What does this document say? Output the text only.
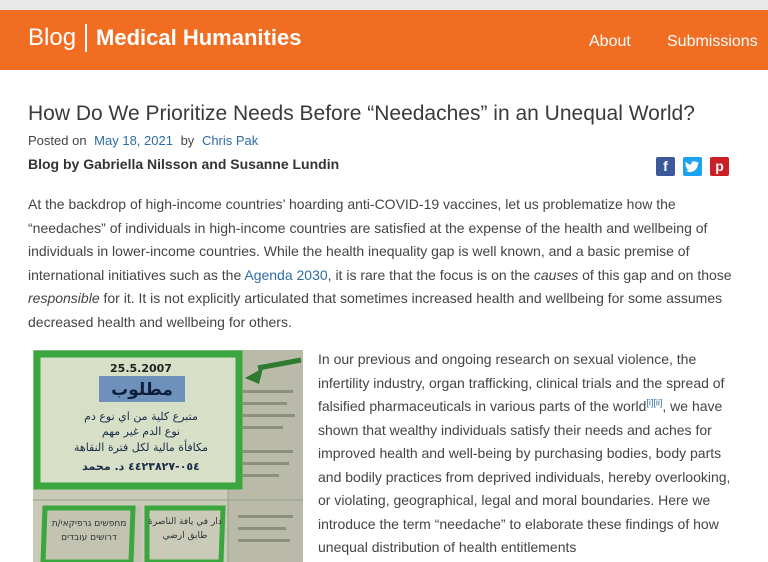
Blog Medical Humanities	About Submissions
How Do We Prioritize Needs Before “Needaches” in an Unequal World?
Posted on May 18, 2021 by Chris Pak
Blog by Gabriella Nilsson and Susanne Lundin	f	p
At the backdrop of high-income countries’ hoarding anti-COVID-19 vaccines, let us problematize how the “needaches” of individuals in high-income countries are satisfied at the expense of the health and wellbeing of individuals in lower-income countries. While the health inequality gap is well known, and a basic premise of international initiatives such as the Agenda 2030, it is rare that the focus is on the causes of this gap and on those responsible for it. It is not explicitly articulated that sometimes increased health and wellbeing for some assumes decreased health and wellbeing for others.
25.5.2007
مطلوب
متبرع كلية من اي نوع دم
نوع الدم غير مهم
مكافأة مالية لكل فترة النقاهة
٠٥٤-٤٤٢٣٨٢٧ د. محمد
מחפשים גרפיקאי/ת
דרושים עובדים
دار في يافة الناصرة
طابق ارضي
In our previous and ongoing research on sexual violence, the infertility industry, organ trafficking, clinical trials and the spread of falsified pharmaceuticals in various parts of the world[i][ii], we have shown that wealthy individuals satisfy their needs and aches for improved health and well-being by purchasing bodies, body parts and bodily practices from deprived individuals, hereby overlooking, or violating, geographical, legal and moral boundaries. Here we introduce the term “needache” to elaborate these findings of how unequal distribution of health entitlements
